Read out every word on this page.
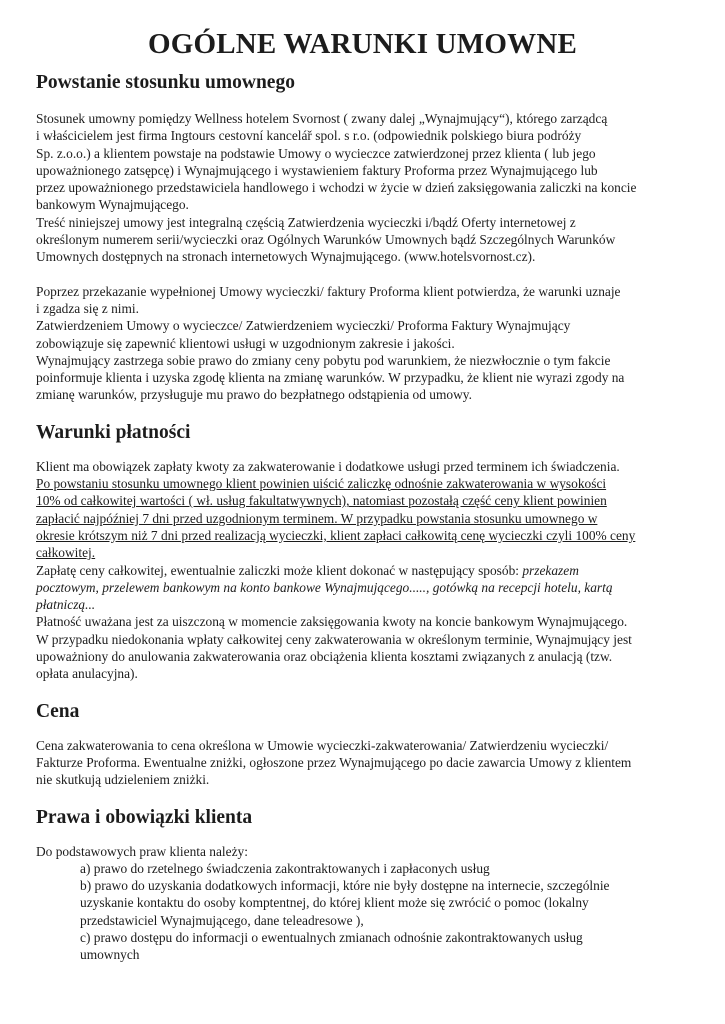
OGÓLNE WARUNKI UMOWNE
Powstanie stosunku umownego
Stosunek umowny pomiędzy Wellness hotelem Svornost ( zwany dalej „Wynajmujący“), którego zarządcą
i właścicielem jest firma Ingtours cestovní kancelář spol. s r.o. (odpowiednik polskiego biura podróży
Sp. z.o.o.) a klientem powstaje na podstawie Umowy o wycieczce zatwierdzonej przez klienta ( lub jego
upoważnionego zatsępcę) i Wynajmującego i wystawieniem faktury Proforma przez Wynajmującego lub
przez upoważnionego przedstawiciela handlowego i wchodzi w życie w dzień zaksięgowania zaliczki na koncie
bankowym Wynajmującego.
Treść niniejszej umowy jest integralną częścią Zatwierdzenia wycieczki i/bądź Oferty internetowej z
określonym numerem serii/wycieczki oraz Ogólnych Warunków Umownych bądź Szczególnych Warunków
Umownych dostępnych na stronach internetowych Wynajmującego. (www.hotelsvornost.cz).
Poprzez przekazanie wypełnionej Umowy wycieczki/ faktury Proforma klient potwierdza, że warunki uznaje
i zgadza się z nimi.
Zatwierdzeniem Umowy o wycieczce/ Zatwierdzeniem wycieczki/ Proforma Faktury Wynajmujący
zobowiązuje się zapewnić klientowi usługi w uzgodnionym zakresie i jakości.
Wynajmujący zastrzega sobie prawo do zmiany ceny pobytu pod warunkiem, że niezwłocznie o tym fakcie
poinformuje klienta i uzyska zgodę klienta na zmianę warunków. W przypadku, że klient nie wyrazi zgody na
zmianę warunków, przysługuje mu prawo do bezpłatnego odstąpienia od umowy.
Warunki płatności
Klient ma obowiązek zapłaty kwoty za zakwaterowanie i dodatkowe usługi przed terminem ich świadczenia.
Po powstaniu stosunku umownego klient powinien uiścić zaliczkę odnośnie zakwaterowania w wysokości
10% od całkowitej wartości ( wł. usług fakultatwywnych), natomiast pozostałą część ceny klient powinien
zapłacić najpóźniej 7 dni przed uzgodnionym terminem. W przypadku powstania stosunku umownego w
okresie krótszym niż 7 dni przed realizacją wycieczki, klient zapłaci całkowitą cenę wycieczki czyli 100% ceny
całkowitej.
Zapłatę ceny całkowitej, ewentualnie zaliczki może klient dokonać w następujący sposób: przekazem
pocztowym, przelewem bankowym na konto bankowe Wynajmującego....., gotówką na recepcji hotelu, kartą
płatniczą...
Płatność uważana jest za uiszczoną w momencie zaksięgowania kwoty na koncie bankowym Wynajmującego.
W przypadku niedokonania wpłaty całkowitej ceny zakwaterowania w określonym terminie, Wynajmujący jest
upoważniony do anulowania zakwaterowania oraz obciążenia klienta kosztami związanych z anulacją (tzw.
opłata anulacyjna).
Cena
Cena zakwaterowania to cena określona w Umowie wycieczki-zakwaterowania/ Zatwierdzeniu wycieczki/
Fakturze Proforma. Ewentualne zniżki, ogłoszone przez Wynajmującego po dacie zawarcia Umowy z klientem
nie skutkują udzieleniem zniżki.
Prawa i obowiązki klienta
Do podstawowych praw klienta należy:
a) prawo do rzetelnego świadczenia zakontraktowanych i zapłaconych usług
b) prawo do uzyskania dodatkowych informacji, które nie były dostępne na internecie, szczególnie
uzyskanie kontaktu do osoby komptentnej, do której klient może się zwrócić o pomoc (lokalny
przedstawiciel Wynajmującego, dane teleadresowe ),
c) prawo dostępu do informacji o ewentualnych zmianach odnośnie zakontraktowanych usług
umownych
